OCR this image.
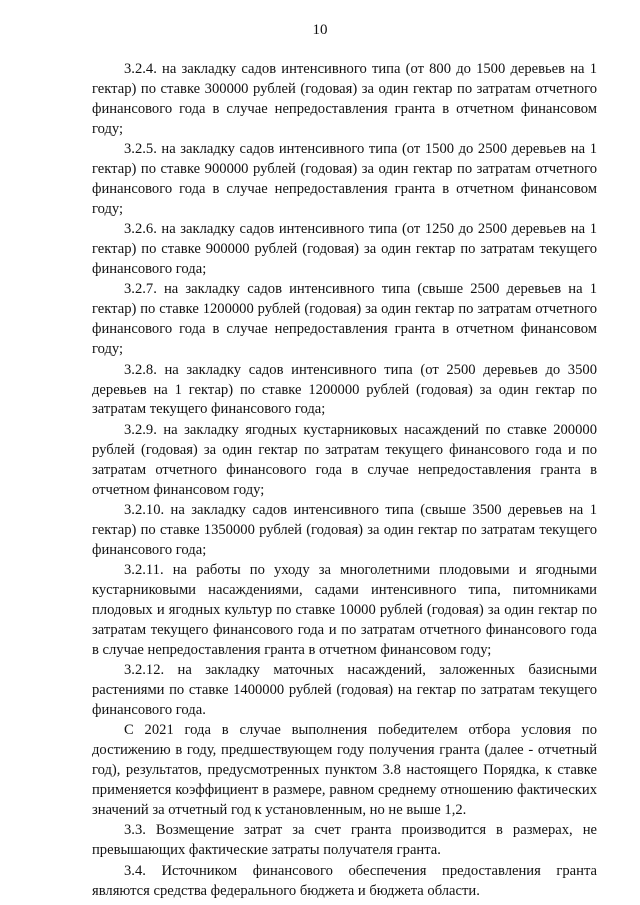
10

3.2.4. на закладку садов интенсивного типа (от 800 до 1500 деревьев на 1 гектар) по ставке 300000 рублей (годовая) за один гектар по затратам отчетного финансового года в случае непредоставления гранта в отчетном финансовом году;

3.2.5. на закладку садов интенсивного типа (от 1500 до 2500 деревьев на 1 гектар) по ставке 900000 рублей (годовая) за один гектар по затратам отчетного финансового года в случае непредоставления гранта в отчетном финансовом году;

3.2.6. на закладку садов интенсивного типа (от 1250 до 2500 деревьев на 1 гектар) по ставке 900000 рублей (годовая) за один гектар по затратам текущего финансового года;

3.2.7. на закладку садов интенсивного типа (свыше 2500 деревьев на 1 гектар) по ставке 1200000 рублей (годовая) за один гектар по затратам отчетного финансового года в случае непредоставления гранта в отчетном финансовом году;

3.2.8. на закладку садов интенсивного типа (от 2500 деревьев до 3500 деревьев на 1 гектар) по ставке 1200000 рублей (годовая) за один гектар по затратам текущего финансового года;

3.2.9. на закладку ягодных кустарниковых насаждений по ставке 200000 рублей (годовая) за один гектар по затратам текущего финансового года и по затратам отчетного финансового года в случае непредоставления гранта в отчетном финансовом году;

3.2.10. на закладку садов интенсивного типа (свыше 3500 деревьев на 1 гектар) по ставке 1350000 рублей (годовая) за один гектар по затратам текущего финансового года;

3.2.11. на работы по уходу за многолетними плодовыми и ягодными кустарниковыми насаждениями, садами интенсивного типа, питомниками плодовых и ягодных культур по ставке 10000 рублей (годовая) за один гектар по затратам текущего финансового года и по затратам отчетного финансового года в случае непредоставления гранта в отчетном финансовом году;

3.2.12. на закладку маточных насаждений, заложенных базисными растениями по ставке 1400000 рублей (годовая) на гектар по затратам текущего финансового года.

С 2021 года в случае выполнения победителем отбора условия по достижению в году, предшествующем году получения гранта (далее - отчетный год), результатов, предусмотренных пунктом 3.8 настоящего Порядка, к ставке применяется коэффициент в размере, равном среднему отношению фактических значений за отчетный год к установленным, но не выше 1,2.

3.3. Возмещение затрат за счет гранта производится в размерах, не превышающих фактические затраты получателя гранта.

3.4. Источником финансового обеспечения предоставления гранта являются средства федерального бюджета и бюджета области.
